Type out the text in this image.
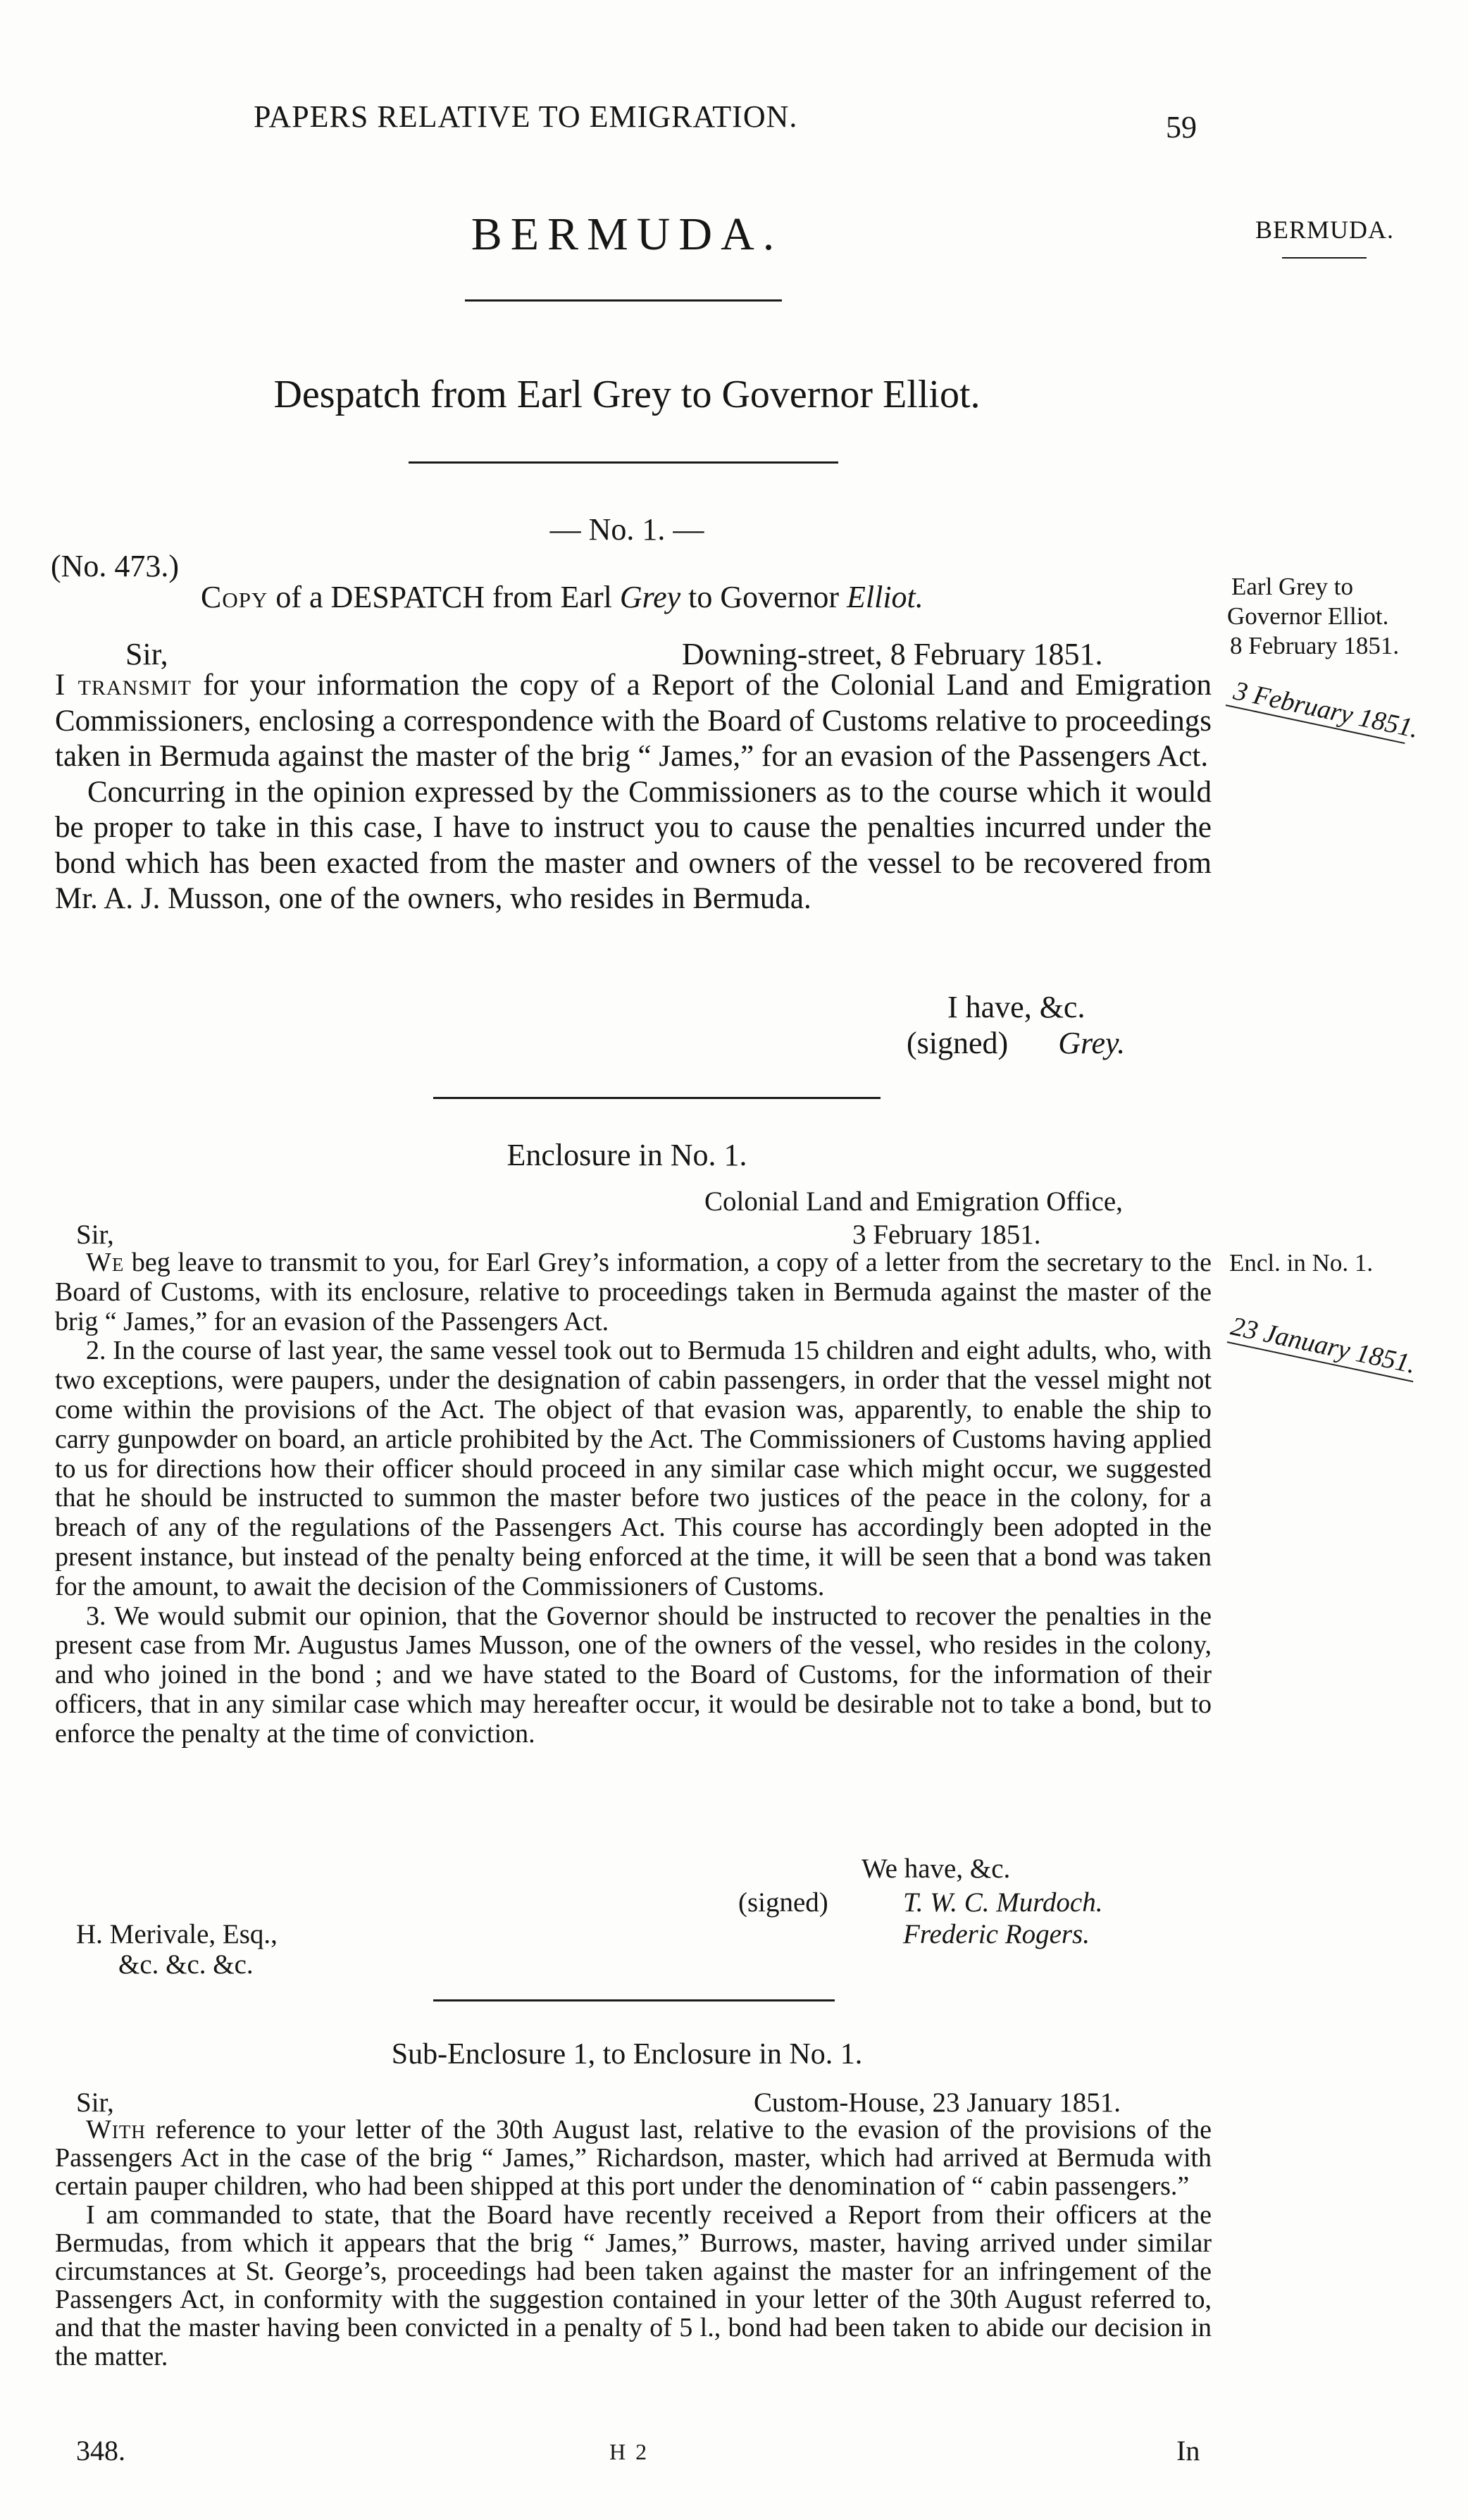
PAPERS RELATIVE TO EMIGRATION.	59
BERMUDA.	BERMUDA.
Despatch from Earl Grey to Governor Elliot.
— No. 1. —
(No. 473.)
Copy of a DESPATCH from Earl Grey to Governor Elliot.
Sir,	Downing-street, 8 February 1851.

I transmit for your information the copy of a Report of the Colonial Land and Emigration Commissioners, enclosing a correspondence with the Board of Customs relative to proceedings taken in Bermuda against the master of the brig “ James,” for an evasion of the Passengers Act.

Concurring in the opinion expressed by the Commissioners as to the course which it would be proper to take in this case, I have to instruct you to cause the penalties incurred under the bond which has been exacted from the master and owners of the vessel to be recovered from Mr. A. J. Musson, one of the owners, who resides in Bermuda.

I have, &c.
(signed) Grey.
Earl Grey to
Governor Elliot.
8 February 1851.
3 February 1851.
Enclosure in No. 1.
Colonial Land and Emigration Office,
Sir,	3 February 1851.

We beg leave to transmit to you, for Earl Grey’s information, a copy of a letter from the secretary to the Board of Customs, with its enclosure, relative to proceedings taken in Bermuda against the master of the brig “ James,” for an evasion of the Passengers Act.

2. In the course of last year, the same vessel took out to Bermuda 15 children and eight adults, who, with two exceptions, were paupers, under the designation of cabin passengers, in order that the vessel might not come within the provisions of the Act. The object of that evasion was, apparently, to enable the ship to carry gunpowder on board, an article prohibited by the Act. The Commissioners of Customs having applied to us for directions how their officer should proceed in any similar case which might occur, we suggested that he should be instructed to summon the master before two justices of the peace in the colony, for a breach of any of the regulations of the Passengers Act. This course has accordingly been adopted in the present instance, but instead of the penalty being enforced at the time, it will be seen that a bond was taken for the amount, to await the decision of the Commissioners of Customs.

3. We would submit our opinion, that the Governor should be instructed to recover the penalties in the present case from Mr. Augustus James Musson, one of the owners of the vessel, who resides in the colony, and who joined in the bond ; and we have stated to the Board of Customs, for the information of their officers, that in any similar case which may hereafter occur, it would be desirable not to take a bond, but to enforce the penalty at the time of conviction.

We have, &c.
(signed)	T. W. C. Murdoch.
Frederic Rogers.
H. Merivale, Esq.,
&c. &c. &c.
Encl. in No. 1.
23 January 1851.
Sub-Enclosure 1, to Enclosure in No. 1.
Sir,	Custom-House, 23 January 1851.

With reference to your letter of the 30th August last, relative to the evasion of the provisions of the Passengers Act in the case of the brig “ James,” Richardson, master, which had arrived at Bermuda with certain pauper children, who had been shipped at this port under the denomination of “ cabin passengers.”

I am commanded to state, that the Board have recently received a Report from their officers at the Bermudas, from which it appears that the brig “ James,” Burrows, master, having arrived under similar circumstances at St. George’s, proceedings had been taken against the master for an infringement of the Passengers Act, in conformity with the suggestion contained in your letter of the 30th August referred to, and that the master having been convicted in a penalty of 5 l., bond had been taken to abide our decision in the matter.

348.	H 2	In
